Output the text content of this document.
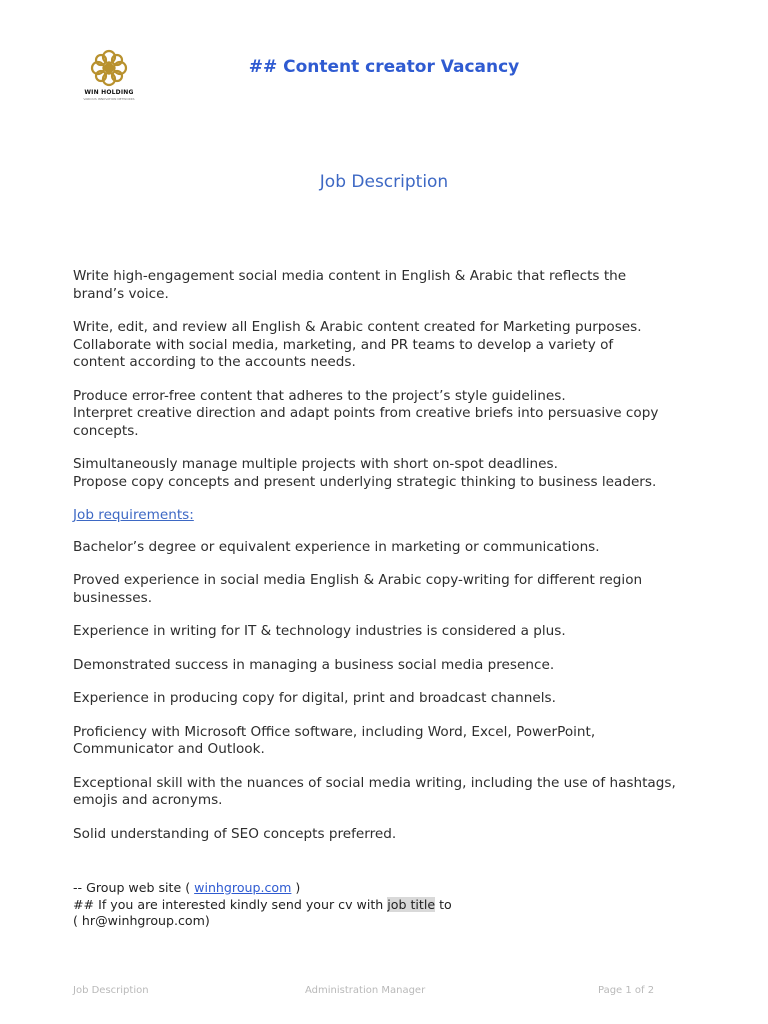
WIN HOLDING
VARIOUS INNOVATION NETWORKS
## Content creator Vacancy
Job Description
Write high-engagement social media content in English & Arabic that reflects the
brand’s voice.
Write, edit, and review all English & Arabic content created for Marketing purposes.
Collaborate with social media, marketing, and PR teams to develop a variety of
content according to the accounts needs.
Produce error-free content that adheres to the project’s style guidelines.
Interpret creative direction and adapt points from creative briefs into persuasive copy
concepts.
Simultaneously manage multiple projects with short on-spot deadlines.
Propose copy concepts and present underlying strategic thinking to business leaders.
Job requirements:
Bachelor’s degree or equivalent experience in marketing or communications.
Proved experience in social media English & Arabic copy-writing for different region
businesses.
Experience in writing for IT & technology industries is considered a plus.
Demonstrated success in managing a business social media presence.
Experience in producing copy for digital, print and broadcast channels.
Proficiency with Microsoft Office software, including Word, Excel, PowerPoint,
Communicator and Outlook.
Exceptional skill with the nuances of social media writing, including the use of hashtags,
emojis and acronyms.
Solid understanding of SEO concepts preferred.
-- Group web site ( winhgroup.com )
## If you are interested kindly send your cv with job title to
( hr@winhgroup.com)
Job Description	Administration Manager	Page 1 of 2
